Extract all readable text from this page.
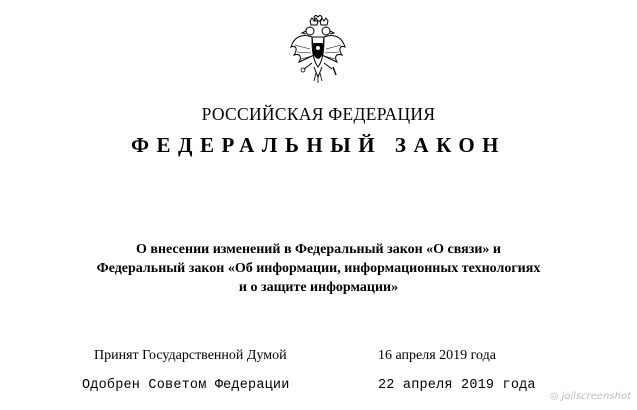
РОССИЙСКАЯ ФЕДЕРАЦИЯ
ФЕДЕРАЛЬНЫЙ ЗАКОН
О внесении изменений в Федеральный закон «О связи» и
Федеральный закон «Об информации, информационных технологиях
и о защите информации»
Принят Государственной Думой	16 апреля 2019 года
Одобрен Советом Федерации	22 апреля 2019 года
◎ joilscreenshot
